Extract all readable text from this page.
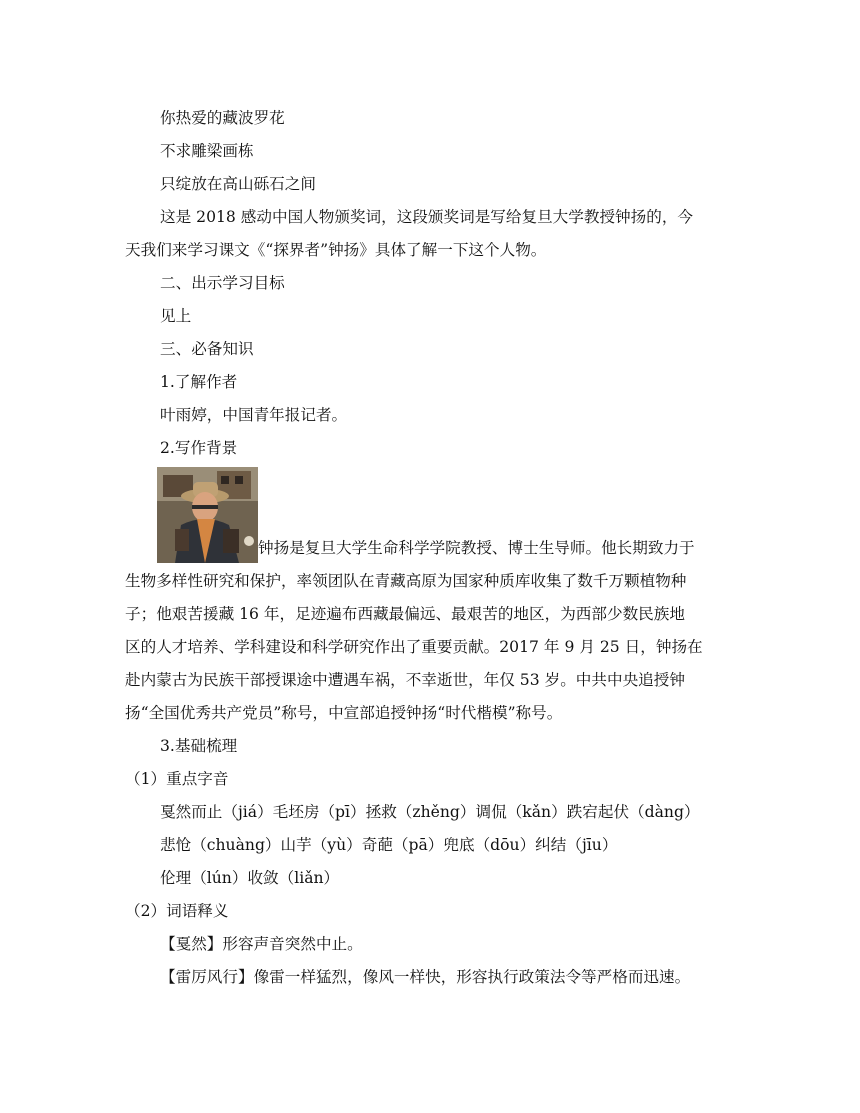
你热爱的藏波罗花

不求雕梁画栋

只绽放在高山砾石之间

这是 2018 感动中国人物颁奖词，这段颁奖词是写给复旦大学教授钟扬的，今

天我们来学习课文《“探界者”钟扬》具体了解一下这个人物。

二、出示学习目标

见上

三、必备知识

1.了解作者

叶雨婷，中国青年报记者。

2.写作背景

钟扬是复旦大学生命科学学院教授、博士生导师。他长期致力于

生物多样性研究和保护，率领团队在青藏高原为国家种质库收集了数千万颗植物种

子；他艰苦援藏 16 年，足迹遍布西藏最偏远、最艰苦的地区，为西部少数民族地

区的人才培养、学科建设和科学研究作出了重要贡献。2017 年 9 月 25 日，钟扬在

赴内蒙古为民族干部授课途中遭遇车祸，不幸逝世，年仅 53 岁。中共中央追授钟

扬“全国优秀共产党员”称号，中宣部追授钟扬“时代楷模”称号。

3.基础梳理

（1）重点字音

戛然而止（jiá）毛坯房（pī）拯救（zhěng）调侃（kǎn）跌宕起伏（dàng）

悲怆（chuàng）山芋（yù）奇葩（pā）兜底（dōu）纠结（jīu）

伦理（lún）收敛（liǎn）

（2）词语释义

【戛然】形容声音突然中止。

【雷厉风行】像雷一样猛烈，像风一样快，形容执行政策法令等严格而迅速。
